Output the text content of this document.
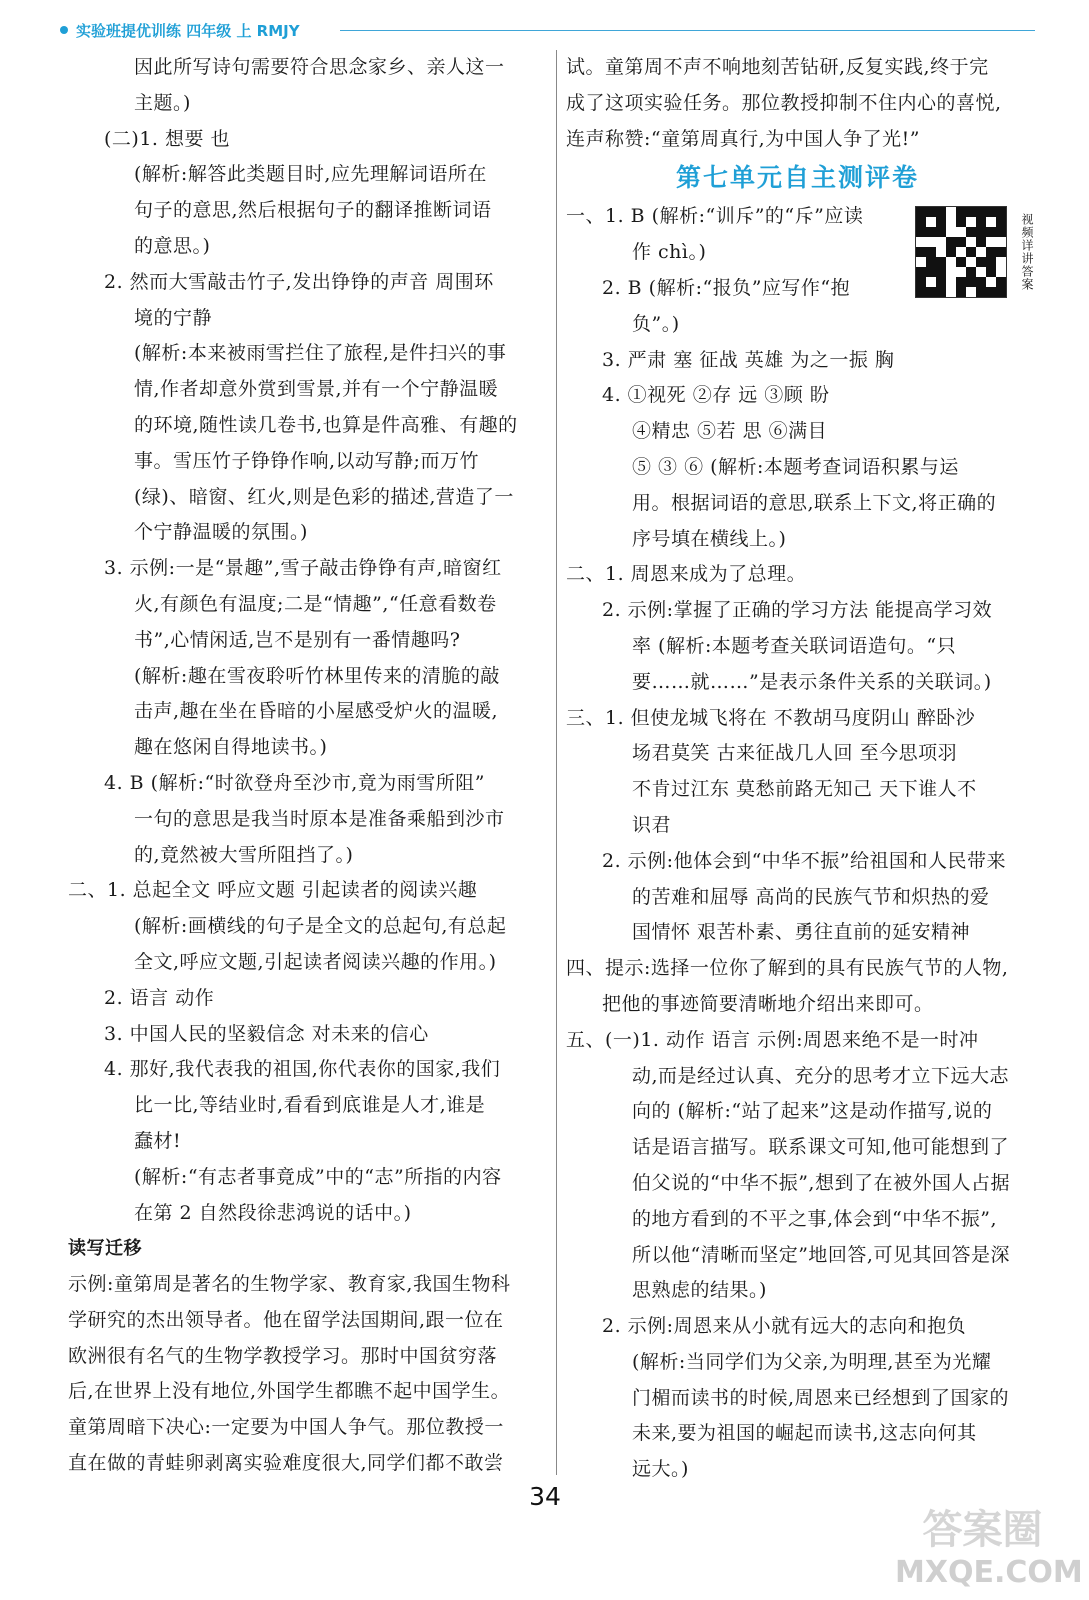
实验班提优训练 四年级 上 RMJY
因此所写诗句需要符合思念家乡、亲人这一
主题。)
(二)1. 想要 也
(解析:解答此类题目时,应先理解词语所在
句子的意思,然后根据句子的翻译推断词语
的意思。)
2. 然而大雪敲击竹子,发出铮铮的声音 周围环
境的宁静
(解析:本来被雨雪拦住了旅程,是件扫兴的事
情,作者却意外赏到雪景,并有一个宁静温暖
的环境,随性读几卷书,也算是件高雅、有趣的
事。雪压竹子铮铮作响,以动写静;而万竹
(绿)、暗窗、红火,则是色彩的描述,营造了一
个宁静温暖的氛围。)
3. 示例:一是“景趣”,雪子敲击铮铮有声,暗窗红
火,有颜色有温度;二是“情趣”,“任意看数卷
书”,心情闲适,岂不是别有一番情趣吗?
(解析:趣在雪夜聆听竹林里传来的清脆的敲
击声,趣在坐在昏暗的小屋感受炉火的温暖,
趣在悠闲自得地读书。)
4. B (解析:“时欲登舟至沙市,竟为雨雪所阻”
一句的意思是我当时原本是准备乘船到沙市
的,竟然被大雪所阻挡了。)
二、1. 总起全文 呼应文题 引起读者的阅读兴趣
(解析:画横线的句子是全文的总起句,有总起
全文,呼应文题,引起读者阅读兴趣的作用。)
2. 语言 动作
3. 中国人民的坚毅信念 对未来的信心
4. 那好,我代表我的祖国,你代表你的国家,我们
比一比,等结业时,看看到底谁是人才,谁是
蠢材!
(解析:“有志者事竟成”中的“志”所指的内容
在第 2 自然段徐悲鸿说的话中。)
读写迁移
示例:童第周是著名的生物学家、教育家,我国生物科
学研究的杰出领导者。他在留学法国期间,跟一位在
欧洲很有名气的生物学教授学习。那时中国贫穷落
后,在世界上没有地位,外国学生都瞧不起中国学生。
童第周暗下决心:一定要为中国人争气。那位教授一
直在做的青蛙卵剥离实验难度很大,同学们都不敢尝
试。童第周不声不响地刻苦钻研,反复实践,终于完
成了这项实验任务。那位教授抑制不住内心的喜悦,
连声称赞:“童第周真行,为中国人争了光!”
第七单元自主测评卷
一、1. B (解析:“训斥”的“斥”应读
作 chì。)
2. B (解析:“报负”应写作“抱
负”。)
3. 严肃 塞 征战 英雄 为之一振 胸
4. ①视死 ②存 远 ③顾 盼
④精忠 ⑤若 思 ⑥满目
⑤ ③ ⑥ (解析:本题考查词语积累与运
用。根据词语的意思,联系上下文,将正确的
序号填在横线上。)
二、1. 周恩来成为了总理。
2. 示例:掌握了正确的学习方法 能提高学习效
率 (解析:本题考查关联词语造句。“只
要……就……”是表示条件关系的关联词。)
三、1. 但使龙城飞将在 不教胡马度阴山 醉卧沙
场君莫笑 古来征战几人回 至今思项羽
不肯过江东 莫愁前路无知己 天下谁人不
识君
2. 示例:他体会到“中华不振”给祖国和人民带来
的苦难和屈辱 高尚的民族气节和炽热的爱
国情怀 艰苦朴素、勇往直前的延安精神
四、提示:选择一位你了解到的具有民族气节的人物,
把他的事迹简要清晰地介绍出来即可。
五、(一)1. 动作 语言 示例:周恩来绝不是一时冲
动,而是经过认真、充分的思考才立下远大志
向的 (解析:“站了起来”这是动作描写,说的
话是语言描写。联系课文可知,他可能想到了
伯父说的“中华不振”,想到了在被外国人占据
的地方看到的不平之事,体会到“中华不振”,
所以他“清晰而坚定”地回答,可见其回答是深
思熟虑的结果。)
2. 示例:周恩来从小就有远大的志向和抱负
(解析:当同学们为父亲,为明理,甚至为光耀
门楣而读书的时候,周恩来已经想到了国家的
未来,要为祖国的崛起而读书,这志向何其
远大。)
视频详讲答案
34
答案圈
MXQE.COM
